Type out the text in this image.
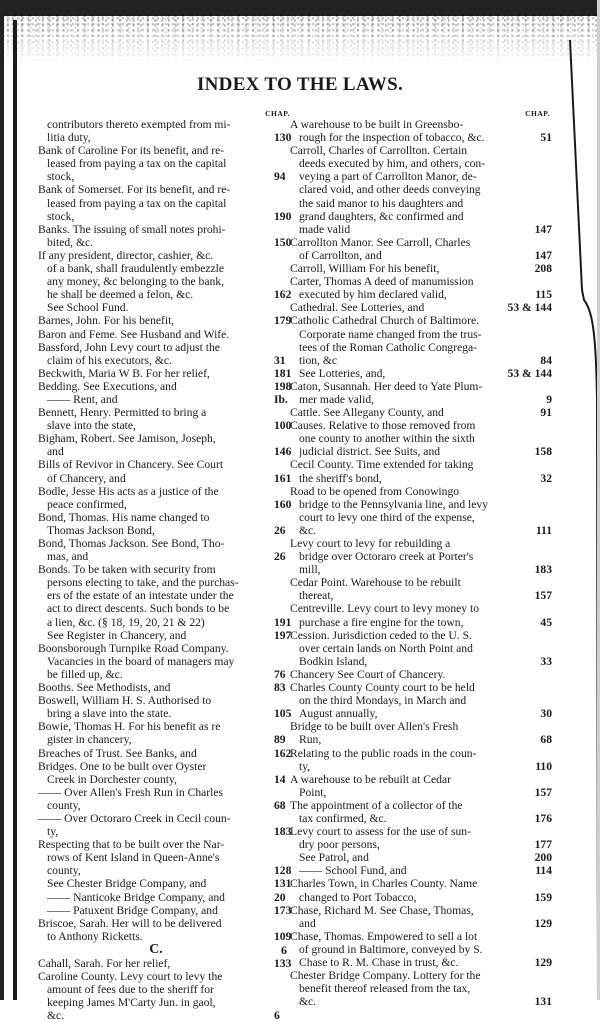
INDEX TO THE LAWS.
CHAP.
contributors thereto exempted from mi-
litia duty,	130
Bank of Caroline For its benefit, and re-
leased from paying a tax on the capital
stock,	94
Bank of Somerset. For its benefit, and re-
leased from paying a tax on the capital
stock,	190
Banks. The issuing of small notes prohi-
bited, &c.	150
If any president, director, cashier, &c.
of a bank, shall fraudulently embezzle
any money, &c belonging to the bank,
he shall be deemed a felon, &c.	162
See School Fund.
Barnes, John. For his benefit,	179
Baron and Feme. See Husband and Wife.
Bassford, John Levy court to adjust the
claim of his executors, &c.	31
Beckwith, Maria W B. For her relief,	181
Bedding. See Executions, and	198
—— Rent, and	Ib.
Bennett, Henry. Permitted to bring a
slave into the state,	100
Bigham, Robert. See Jamison, Joseph,
and	146
Bills of Revivor in Chancery. See Court
of Chancery, and	161
Bodle, Jesse His acts as a justice of the
peace confirmed,	160
Bond, Thomas. His name changed to
Thomas Jackson Bond,	26
Bond, Thomas Jackson. See Bond, Tho-
mas, and	26
Bonds. To be taken with security from
persons electing to take, and the purchas-
ers of the estate of an intestate under the
act to direct descents. Such bonds to be
a lien, &c. (§ 18, 19, 20, 21 & 22)	191
See Register in Chancery, and	197
Boonsborough Turnpike Road Company.
Vacancies in the board of managers may
be filled up, &c.	76
Booths. See Methodists, and	83
Boswell, William H. S. Authorised to
bring a slave into the state.	105
Bowie, Thomas H. For his benefit as re
gister in chancery,	89
Breaches of Trust. See Banks, and	162
Bridges. One to be built over Oyster
Creek in Dorchester county,	14
—— Over Allen's Fresh Run in Charles
county,	68
—— Over Octoraro Creek in Cecil coun-
ty,	183
Respecting that to be built over the Nar-
rows of Kent Island in Queen-Anne's
county,	128
See Chester Bridge Company, and	131
—— Nanticoke Bridge Company, and	20
—— Patuxent Bridge Company, and	173
Briscoe, Sarah. Her will to be delivered
to Anthony Ricketts.	109
C.
Cahall, Sarah. For her relief,	133
Caroline County. Levy court to levy the
amount of fees due to the sheriff for
keeping James M'Carty Jun. in gaol,
&c.	6
CHAP.
A warehouse to be built in Greensbo-
rough for the inspection of tobacco, &c.	51
Carroll, Charles of Carrollton. Certain
deeds executed by him, and others, con-
veying a part of Carrollton Manor, de-
clared void, and other deeds conveying
the said manor to his daughters and
grand daughters, &c confirmed and
made valid	147
Carrollton Manor. See Carroll, Charles
of Carrollton, and	147
Carroll, William For his benefit,	208
Carter, Thomas A deed of manumission
executed by him declared valid,	115
Cathedral. See Lotteries, and	53 & 144
Catholic Cathedral Church of Baltimore.
Corporate name changed from the trus-
tees of the Roman Catholic Congrega-
tion, &c	84
See Lotteries, and,	53 & 144
Caton, Susannah. Her deed to Yate Plum-
mer made valid,	9
Cattle. See Allegany County, and	91
Causes. Relative to those removed from
one county to another within the sixth
judicial district. See Suits, and	158
Cecil County. Time extended for taking
the sheriff's bond,	32
Road to be opened from Conowingo
bridge to the Pennsylvania line, and levy
court to levy one third of the expense,
&c.	111
Levy court to levy for rebuilding a
bridge over Octoraro creek at Porter's
mill,	183
Cedar Point. Warehouse to be rebuilt
thereat,	157
Centreville. Levy court to levy money to
purchase a fire engine for the town,	45
Cession. Jurisdiction ceded to the U. S.
over certain lands on North Point and
Bodkin Island,	33
Chancery See Court of Chancery.
Charles County County court to be held
on the third Mondays, in March and
August annually,	30
Bridge to be built over Allen's Fresh
Run,	68
Relating to the public roads in the coun-
ty,	110
A warehouse to be rebuilt at Cedar
Point,	157
The appointment of a collector of the
tax confirmed, &c.	176
Levy court to assess for the use of sun-
dry poor persons,	177
See Patrol, and	200
—— School Fund, and	114
Charles Town, in Charles County. Name
changed to Port Tobacco,	159
Chase, Richard M. See Chase, Thomas,
and	129
Chase, Thomas. Empowered to sell a lot
of ground in Baltimore, conveyed by S.
Chase to R. M. Chase in trust, &c.	129
Chester Bridge Company. Lottery for the
benefit thereof released from the tax,
&c.	131
6
